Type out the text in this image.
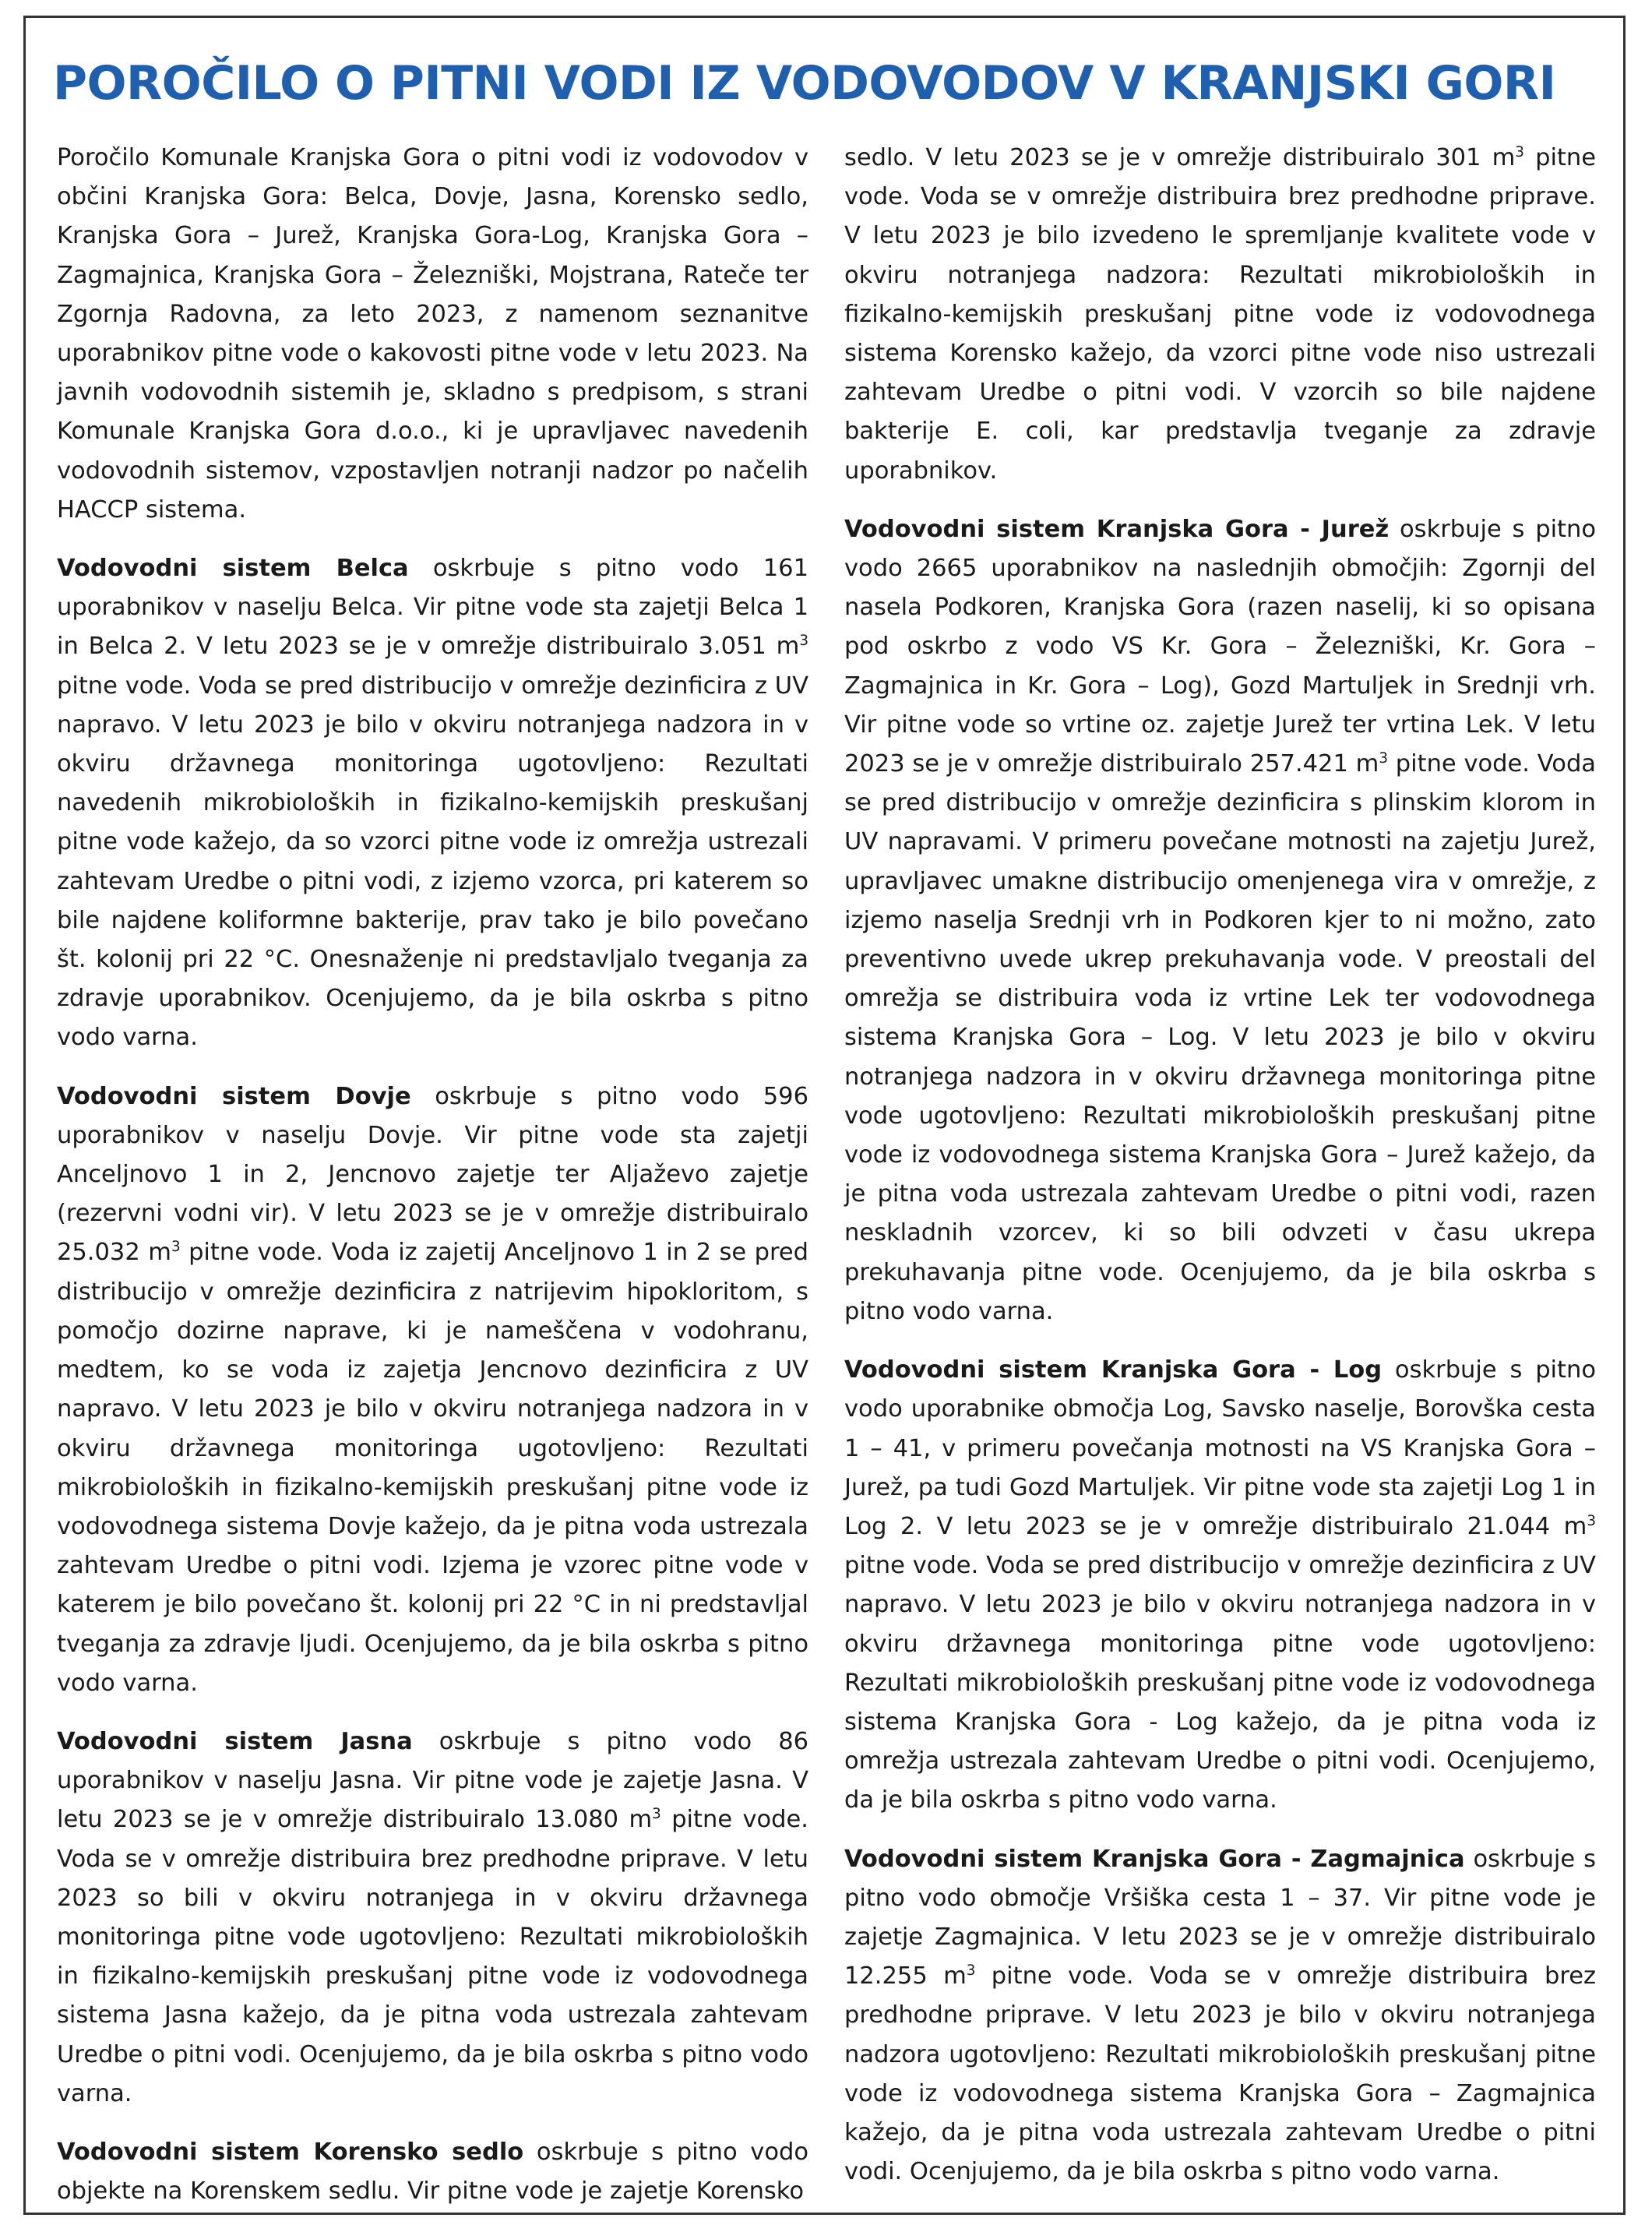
POROČILO O PITNI VODI IZ VODOVODOV V KRANJSKI GORI

Poročilo Komunale Kranjska Gora o pitni vodi iz vodovodov v občini Kranjska Gora: Belca, Dovje, Jasna, Korensko sedlo, Kranjska Gora – Jurež, Kranjska Gora-Log, Kranjska Gora – Zagmajnica, Kranjska Gora – Železniški, Mojstrana, Rateče ter Zgornja Radovna, za leto 2023, z namenom seznanitve uporabnikov pitne vode o kakovosti pitne vode v letu 2023. Na javnih vodovodnih sistemih je, skladno s predpisom, s strani Komunale Kranjska Gora d.o.o., ki je upravljavec navedenih vodovodnih sistemov, vzpostavljen notranji nadzor po načelih HACCP sistema.

Vodovodni sistem Belca oskrbuje s pitno vodo 161 uporabnikov v naselju Belca. Vir pitne vode sta zajetji Belca 1 in Belca 2. V letu 2023 se je v omrežje distribuiralo 3.051 $m^3$ pitne vode. Voda se pred distribucijo v omrežje dezinficira z UV napravo. V letu 2023 je bilo v okviru notranjega nadzora in v okviru državnega monitoringa ugotovljeno: Rezultati navedenih mikrobioloških in fizikalno-kemijskih preskušanj pitne vode kažejo, da so vzorci pitne vode iz omrežja ustrezali zahtevam Uredbe o pitni vodi, z izjemo vzorca, pri katerem so bile najdene koliformne bakterije, prav tako je bilo povečano št. kolonij pri 22 °C. Onesnaženje ni predstavljalo tveganja za zdravje uporabnikov. Ocenjujemo, da je bila oskrba s pitno vodo varna.

Vodovodni sistem Dovje oskrbuje s pitno vodo 596 uporabnikov v naselju Dovje. Vir pitne vode sta zajetji Anceljnovo 1 in 2, Jencnovo zajetje ter Aljaževo zajetje (rezervni vodni vir). V letu 2023 se je v omrežje distribuiralo 25.032 $m^3$ pitne vode. Voda iz zajetij Anceljnovo 1 in 2 se pred distribucijo v omrežje dezinficira z natrijevim hipokloritom, s pomočjo dozirne naprave, ki je nameščena v vodohranu, medtem, ko se voda iz zajetja Jencnovo dezinficira z UV napravo. V letu 2023 je bilo v okviru notranjega nadzora in v okviru državnega monitoringa ugotovljeno: Rezultati mikrobioloških in fizikalno-kemijskih preskušanj pitne vode iz vodovodnega sistema Dovje kažejo, da je pitna voda ustrezala zahtevam Uredbe o pitni vodi. Izjema je vzorec pitne vode v katerem je bilo povečano št. kolonij pri 22 °C in ni predstavljal tveganja za zdravje ljudi. Ocenjujemo, da je bila oskrba s pitno vodo varna.

Vodovodni sistem Jasna oskrbuje s pitno vodo 86 uporabnikov v naselju Jasna. Vir pitne vode je zajetje Jasna. V letu 2023 se je v omrežje distribuiralo 13.080 $m^3$ pitne vode. Voda se v omrežje distribuira brez predhodne priprave. V letu 2023 so bili v okviru notranjega in v okviru državnega monitoringa pitne vode ugotovljeno: Rezultati mikrobioloških in fizikalno-kemijskih preskušanj pitne vode iz vodovodnega sistema Jasna kažejo, da je pitna voda ustrezala zahtevam Uredbe o pitni vodi. Ocenjujemo, da je bila oskrba s pitno vodo varna.

Vodovodni sistem Korensko sedlo oskrbuje s pitno vodo objekte na Korenskem sedlu. Vir pitne vode je zajetje Korensko

sedlo. V letu 2023 se je v omrežje distribuiralo 301 $m^3$ pitne vode. Voda se v omrežje distribuira brez predhodne priprave. V letu 2023 je bilo izvedeno le spremljanje kvalitete vode v okviru notranjega nadzora: Rezultati mikrobioloških in fizikalno-kemijskih preskušanj pitne vode iz vodovodnega sistema Korensko kažejo, da vzorci pitne vode niso ustrezali zahtevam Uredbe o pitni vodi. V vzorcih so bile najdene bakterije E. coli, kar predstavlja tveganje za zdravje uporabnikov.

Vodovodni sistem Kranjska Gora - Jurež oskrbuje s pitno vodo 2665 uporabnikov na naslednjih območjih: Zgornji del nasela Podkoren, Kranjska Gora (razen naselij, ki so opisana pod oskrbo z vodo VS Kr. Gora – Železniški, Kr. Gora – Zagmajnica in Kr. Gora – Log), Gozd Martuljek in Srednji vrh. Vir pitne vode so vrtine oz. zajetje Jurež ter vrtina Lek. V letu 2023 se je v omrežje distribuiralo 257.421 $m^3$ pitne vode. Voda se pred distribucijo v omrežje dezinficira s plinskim klorom in UV napravami. V primeru povečane motnosti na zajetju Jurež, upravljavec umakne distribucijo omenjenega vira v omrežje, z izjemo naselja Srednji vrh in Podkoren kjer to ni možno, zato preventivno uvede ukrep prekuhavanja vode. V preostali del omrežja se distribuira voda iz vrtine Lek ter vodovodnega sistema Kranjska Gora – Log. V letu 2023 je bilo v okviru notranjega nadzora in v okviru državnega monitoringa pitne vode ugotovljeno: Rezultati mikrobioloških preskušanj pitne vode iz vodovodnega sistema Kranjska Gora – Jurež kažejo, da je pitna voda ustrezala zahtevam Uredbe o pitni vodi, razen neskladnih vzorcev, ki so bili odvzeti v času ukrepa prekuhavanja pitne vode. Ocenjujemo, da je bila oskrba s pitno vodo varna.

Vodovodni sistem Kranjska Gora - Log oskrbuje s pitno vodo uporabnike območja Log, Savsko naselje, Borovška cesta 1 – 41, v primeru povečanja motnosti na VS Kranjska Gora – Jurež, pa tudi Gozd Martuljek. Vir pitne vode sta zajetji Log 1 in Log 2. V letu 2023 se je v omrežje distribuiralo 21.044 $m^3$ pitne vode. Voda se pred distribucijo v omrežje dezinficira z UV napravo. V letu 2023 je bilo v okviru notranjega nadzora in v okviru državnega monitoringa pitne vode ugotovljeno: Rezultati mikrobioloških preskušanj pitne vode iz vodovodnega sistema Kranjska Gora - Log kažejo, da je pitna voda iz omrežja ustrezala zahtevam Uredbe o pitni vodi. Ocenjujemo, da je bila oskrba s pitno vodo varna.

Vodovodni sistem Kranjska Gora - Zagmajnica oskrbuje s pitno vodo območje Vršiška cesta 1 – 37. Vir pitne vode je zajetje Zagmajnica. V letu 2023 se je v omrežje distribuiralo 12.255 $m^3$ pitne vode. Voda se v omrežje distribuira brez predhodne priprave. V letu 2023 je bilo v okviru notranjega nadzora ugotovljeno: Rezultati mikrobioloških preskušanj pitne vode iz vodovodnega sistema Kranjska Gora – Zagmajnica kažejo, da je pitna voda ustrezala zahtevam Uredbe o pitni vodi. Ocenjujemo, da je bila oskrba s pitno vodo varna.
